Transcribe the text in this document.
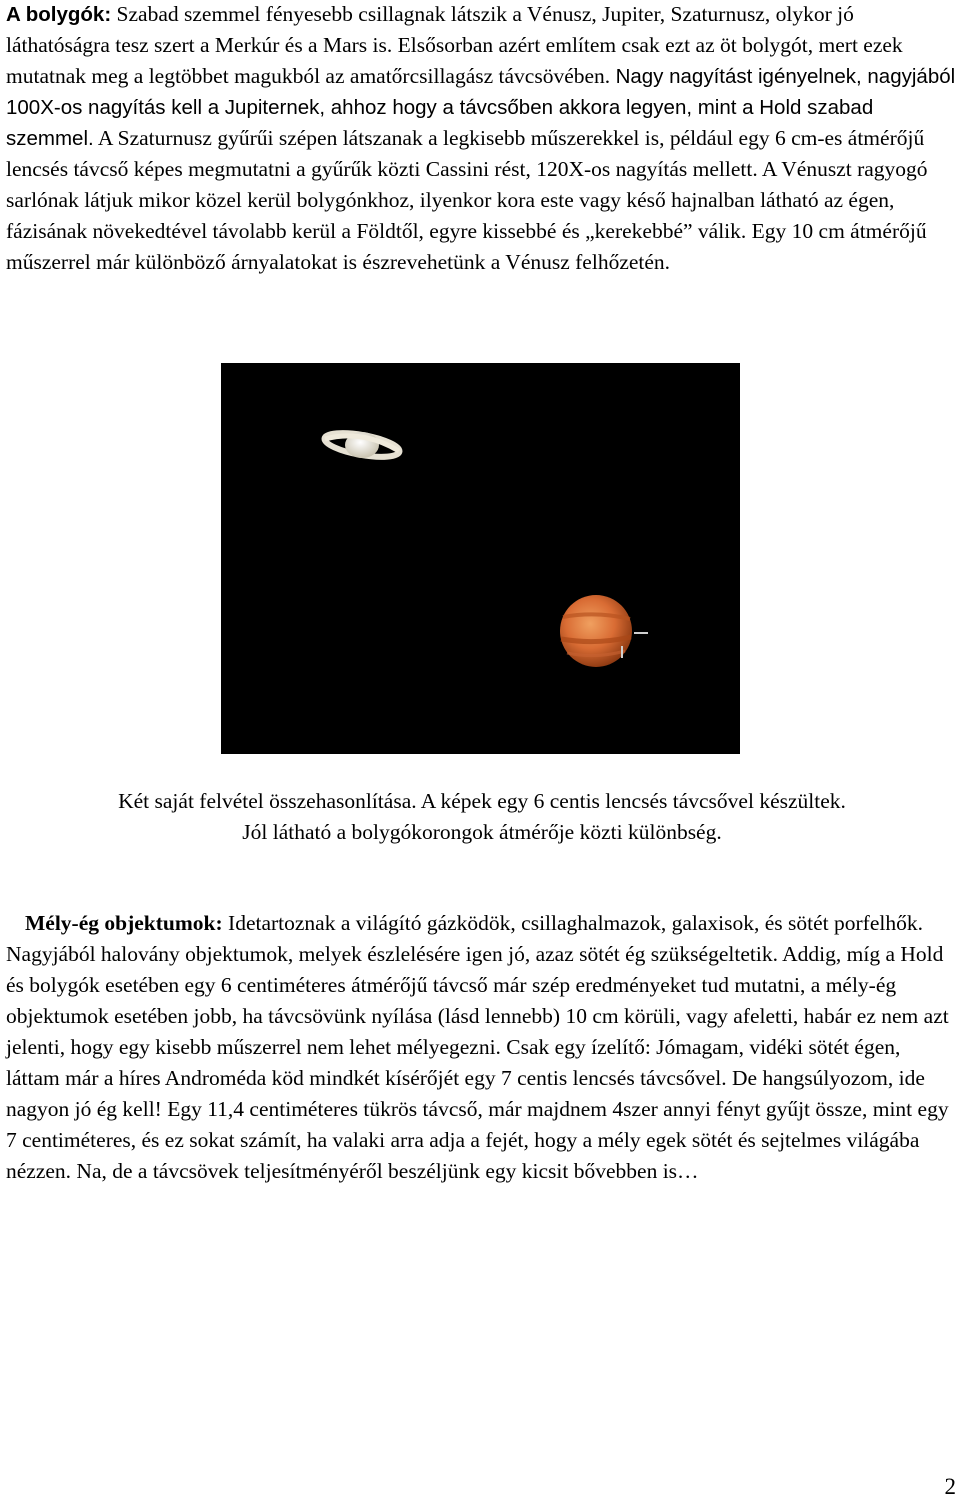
A bolygók: Szabad szemmel fényesebb csillagnak látszik a Vénusz, Jupiter, Szaturnusz, olykor jó láthatóságra tesz szert a Merkúr és a Mars is. Elsősorban azért említem csak ezt az öt bolygót, mert ezek mutatnak meg a legtöbbet magukból az amatőrcsillagász távcsövében. Nagy nagyítást igényelnek, nagyjából 100X-os nagyítás kell a Jupiternek, ahhoz hogy a távcsőben akkora legyen, mint a Hold szabad szemmel. A Szaturnusz gyűrűi szépen látszanak a legkisebb műszerekkel is, például egy 6 cm-es átmérőjű lencsés távcső képes megmutatni a gyűrűk közti Cassini rést, 120X-os nagyítás mellett. A Vénuszt ragyogó sarlónak látjuk mikor közel kerül bolygónkhoz, ilyenkor kora este vagy késő hajnalban látható az égen, fázisának növekedtével távolabb kerül a Földtől, egyre kissebbé és „kerekebbé” válik. Egy 10 cm átmérőjű műszerrel már különböző árnyalatokat is észrevehetünk a Vénusz felhőzetén.

Két saját felvétel összehasonlítása. A képek egy 6 centis lencsés távcsővel készültek.
Jól látható a bolygókorongok átmérője közti különbség.

Mély-ég objektumok: Idetartoznak a világító gázködök, csillaghalmazok, galaxisok, és sötét porfelhők. Nagyjából halovány objektumok, melyek észlelésére igen jó, azaz sötét ég szükségeltetik. Addig, míg a Hold és bolygók esetében egy 6 centiméteres átmérőjű távcső már szép eredményeket tud mutatni, a mély-ég objektumok esetében jobb, ha távcsövünk nyílása (lásd lennebb) 10 cm körüli, vagy afeletti, habár ez nem azt jelenti, hogy egy kisebb műszerrel nem lehet mélyegezni. Csak egy ízelítő: Jómagam, vidéki sötét égen, láttam már a híres Andromédа köd mindkét kísérőjét egy 7 centis lencsés távcsővel. De hangsúlyozom, ide nagyon jó ég kell! Egy 11,4 centiméteres tükrös távcső, már majdnem 4szer annyi fényt gyűjt össze, mint egy 7 centiméteres, és ez sokat számít, ha valaki arra adja a fejét, hogy a mély egek sötét és sejtelmes világába nézzen. Na, de a távcsövek teljesítményéről beszéljünk egy kicsit bővebben is…

2
